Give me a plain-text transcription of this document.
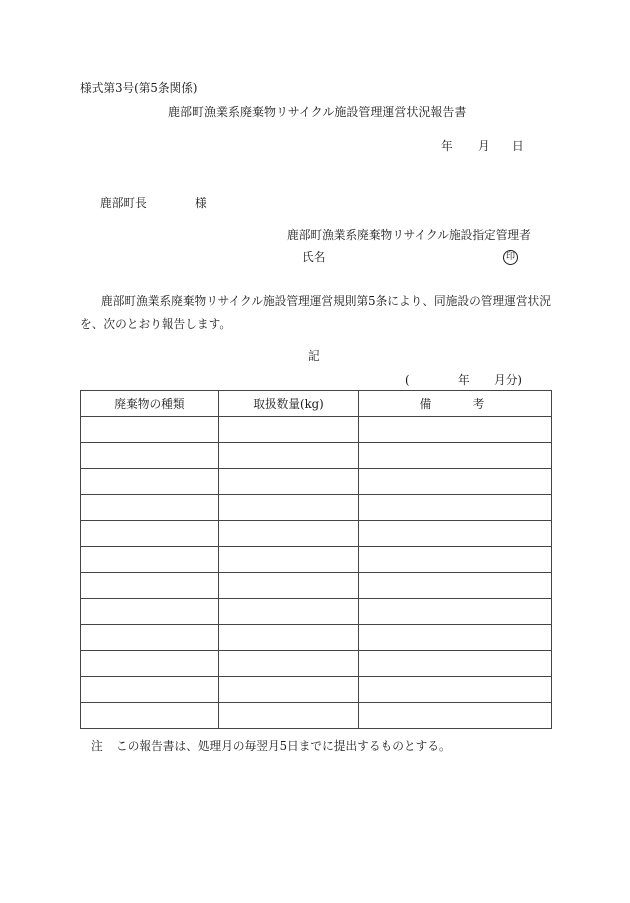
様式第3号(第5条関係)
鹿部町漁業系廃棄物リサイクル施設管理運営状況報告書
年 月 日
鹿部町長	様
鹿部町漁業系廃棄物リサイクル施設指定管理者
氏名	印
鹿部町漁業系廃棄物リサイクル施設管理運営規則第5条により、同施設の管理運営状況
を、次のとおり報告します。
記
(	年 月分)
廃棄物の種類	取扱数量(kg)	備　　考

注 この報告書は、処理月の毎翌月5日までに提出するものとする。
